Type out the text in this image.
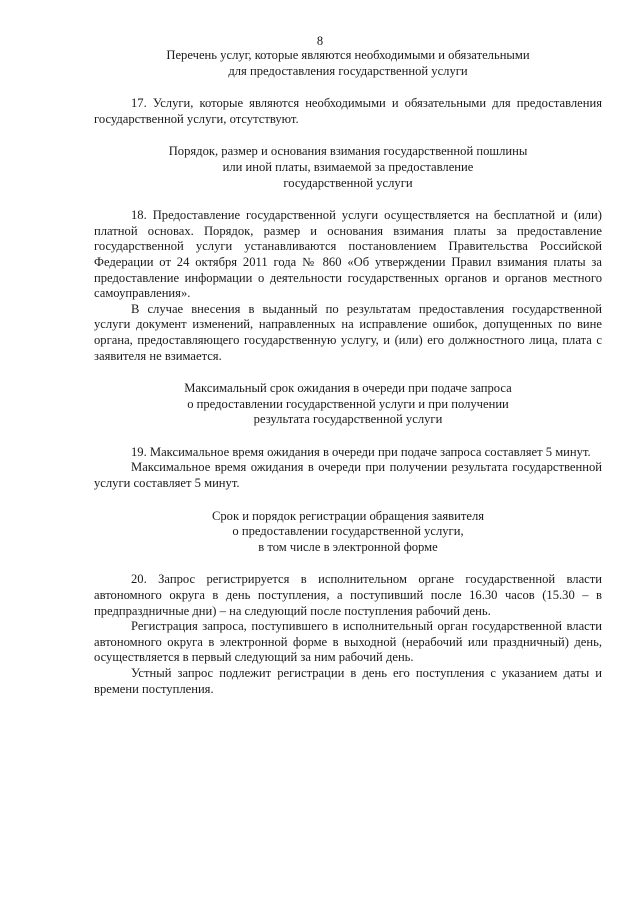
8
Перечень услуг, которые являются необходимыми и обязательными
для предоставления государственной услуги

17. Услуги, которые являются необходимыми и обязательными для предоставления государственной услуги, отсутствуют.

Порядок, размер и основания взимания государственной пошлины
или иной платы, взимаемой за предоставление
государственной услуги

18. Предоставление государственной услуги осуществляется на бесплатной и (или) платной основах. Порядок, размер и основания взимания платы за предоставление государственной услуги устанавливаются постановлением Правительства Российской Федерации от 24 октября 2011 года № 860 «Об утверждении Правил взимания платы за предоставление информации о деятельности государственных органов и органов местного самоуправления».

В случае внесения в выданный по результатам предоставления государственной услуги документ изменений, направленных на исправление ошибок, допущенных по вине органа, предоставляющего государственную услугу, и (или) его должностного лица, плата с заявителя не взимается.

Максимальный срок ожидания в очереди при подаче запроса
о предоставлении государственной услуги и при получении
результата государственной услуги

19. Максимальное время ожидания в очереди при подаче запроса составляет 5 минут.

Максимальное время ожидания в очереди при получении результата государственной услуги составляет 5 минут.

Срок и порядок регистрации обращения заявителя
о предоставлении государственной услуги,
в том числе в электронной форме

20. Запрос регистрируется в исполнительном органе государственной власти автономного округа в день поступления, а поступивший после 16.30 часов (15.30 – в предпраздничные дни) – на следующий после поступления рабочий день.

Регистрация запроса, поступившего в исполнительный орган государственной власти автономного округа в электронной форме в выходной (нерабочий или праздничный) день, осуществляется в первый следующий за ним рабочий день.

Устный запрос подлежит регистрации в день его поступления с указанием даты и времени поступления.
